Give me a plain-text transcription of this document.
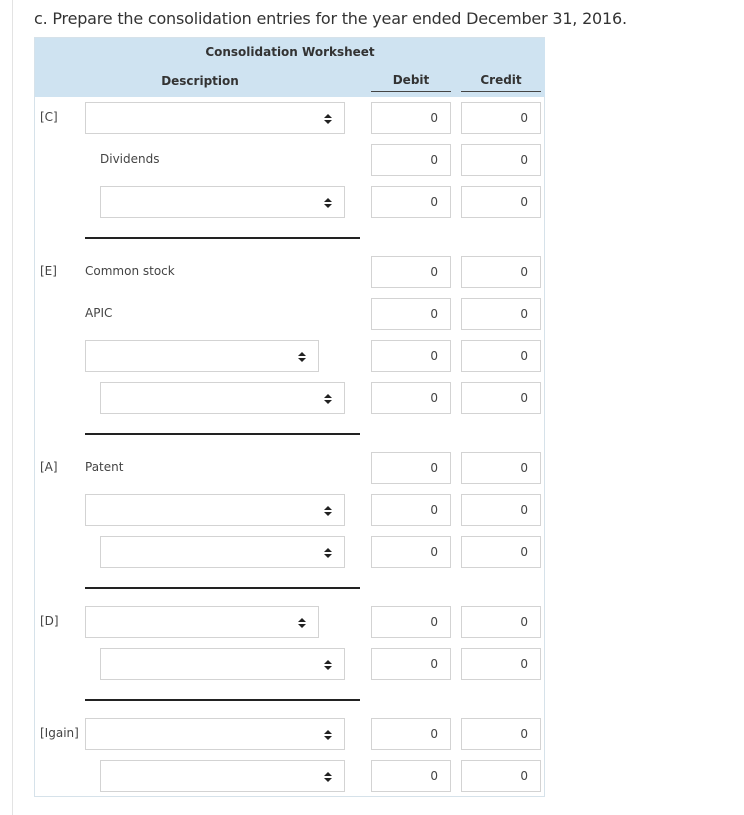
c. Prepare the consolidation entries for the year ended December 31, 2016.
Consolidation Worksheet
Description	Debit	Credit
[C]	0	0
Dividends	0	0
0	0
[E] Common stock	0	0
APIC	0	0
0	0
0	0
[A] Patent	0	0
0	0
0	0
[D]	0	0
0	0
[Igain]	0	0
0	0
